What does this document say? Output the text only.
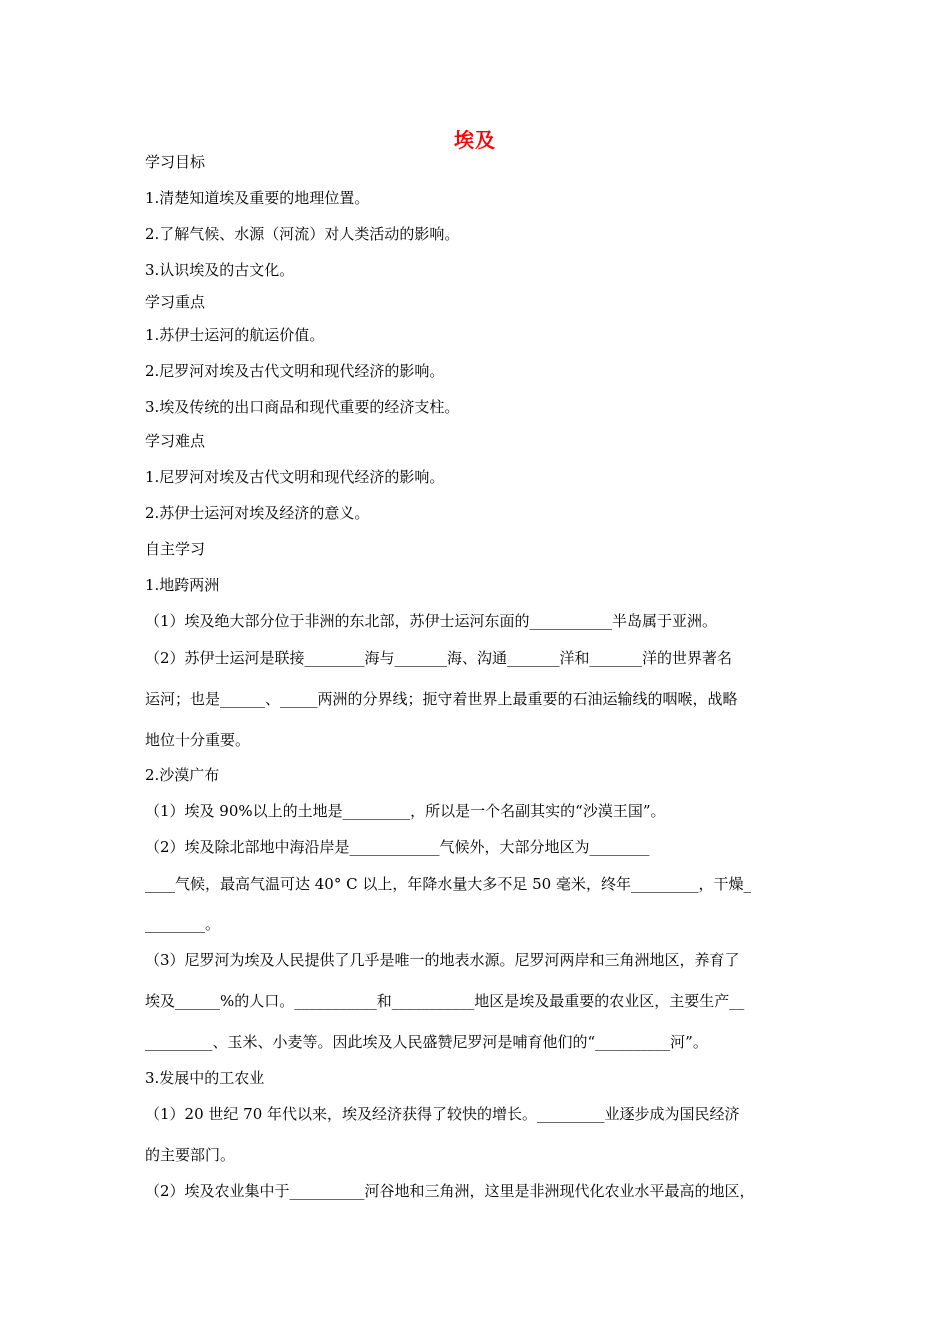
埃及
学习目标
1.清楚知道埃及重要的地理位置。
2.了解气候、水源（河流）对人类活动的影响。
3.认识埃及的古文化。
学习重点
1.苏伊士运河的航运价值。
2.尼罗河对埃及古代文明和现代经济的影响。
3.埃及传统的出口商品和现代重要的经济支柱。
学习难点
1.尼罗河对埃及古代文明和现代经济的影响。
2.苏伊士运河对埃及经济的意义。
自主学习
1.地跨两洲
（1）埃及绝大部分位于非洲的东北部，苏伊士运河东面的___________半岛属于亚洲。
（2）苏伊士运河是联接________海与_______海、沟通_______洋和_______洋的世界著名
运河；也是______、_____两洲的分界线；扼守着世界上最重要的石油运输线的咽喉，战略
地位十分重要。
2.沙漠广布
（1）埃及 90%以上的土地是_________，所以是一个名副其实的“沙漠王国”。
（2）埃及除北部地中海沿岸是____________气候外，大部分地区为________
____气候，最高气温可达 40° C 以上，年降水量大多不足 50 毫米，终年_________，干燥_
________。
（3）尼罗河为埃及人民提供了几乎是唯一的地表水源。尼罗河两岸和三角洲地区，养育了
埃及______%的人口。___________和___________地区是埃及最重要的农业区，主要生产__
_________、玉米、小麦等。因此埃及人民盛赞尼罗河是哺育他们的“__________河”。
3.发展中的工农业
（1）20 世纪 70 年代以来，埃及经济获得了较快的增长。_________业逐步成为国民经济
的主要部门。
（2）埃及农业集中于__________河谷地和三角洲，这里是非洲现代化农业水平最高的地区，
